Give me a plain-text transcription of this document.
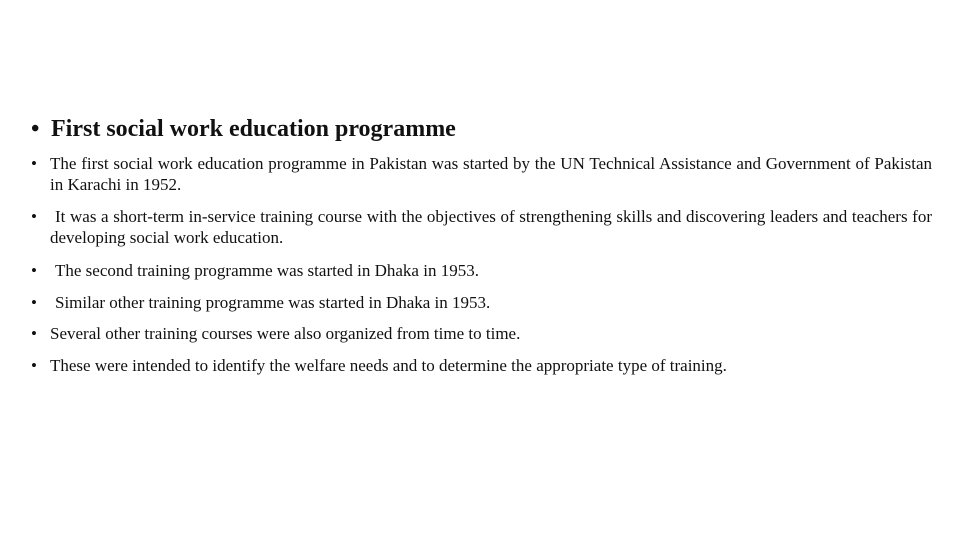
• First social work education programme
• The first social work education programme in Pakistan was started by the UN Technical Assistance and Government of Pakistan in Karachi in 1952.
•	It was a short-term in-service training course with the objectives of strengthening skills and discovering leaders and teachers for developing social work education.
•	The second training programme was started in Dhaka in 1953.
•	Similar other training programme was started in Dhaka in 1953.
• Several other training courses were also organized from time to time.
• These were intended to identify the welfare needs and to determine the appropriate type of training.
